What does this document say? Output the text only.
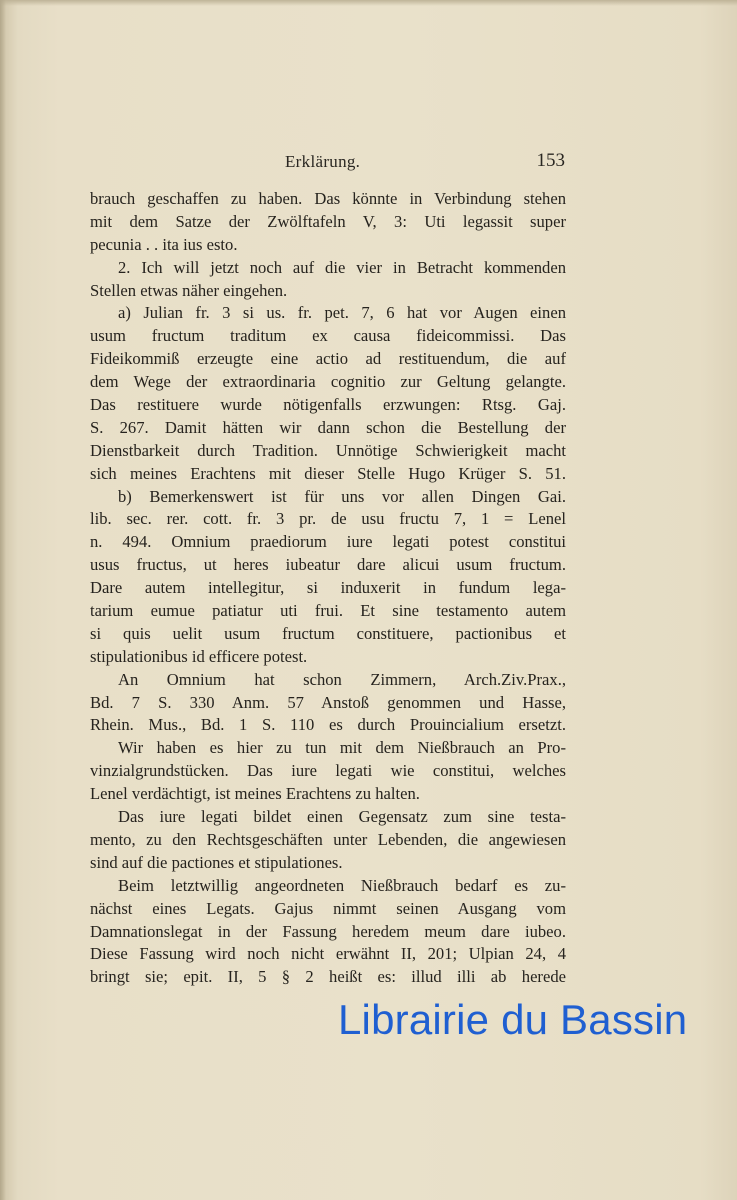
Erklärung.	153
brauch geschaffen zu haben. Das könnte in Verbindung stehen
mit dem Satze der Zwölftafeln V, 3: Uti legassit super
pecunia . . ita ius esto.
2. Ich will jetzt noch auf die vier in Betracht kommenden
Stellen etwas näher eingehen.
a) Julian fr. 3 si us. fr. pet. 7, 6 hat vor Augen einen
usum fructum traditum ex causa fideicommissi. Das
Fideikommiß erzeugte eine actio ad restituendum, die auf
dem Wege der extraordinaria cognitio zur Geltung gelangte.
Das restituere wurde nötigenfalls erzwungen: Rtsg. Gaj.
S. 267. Damit hätten wir dann schon die Bestellung der
Dienstbarkeit durch Tradition. Unnötige Schwierigkeit macht
sich meines Erachtens mit dieser Stelle Hugo Krüger S. 51.
b) Bemerkenswert ist für uns vor allen Dingen Gai.
lib. sec. rer. cott. fr. 3 pr. de usu fructu 7, 1 = Lenel
n. 494. Omnium praediorum iure legati potest constitui
usus fructus, ut heres iubeatur dare alicui usum fructum.
Dare autem intellegitur, si induxerit in fundum lega-
tarium eumue patiatur uti frui. Et sine testamento autem
si quis uelit usum fructum constituere, pactionibus et
stipulationibus id efficere potest.
An Omnium hat schon Zimmern, Arch.Ziv.Prax.,
Bd. 7 S. 330 Anm. 57 Anstoß genommen und Hasse,
Rhein. Mus., Bd. 1 S. 110 es durch Prouincialium ersetzt.
Wir haben es hier zu tun mit dem Nießbrauch an Pro-
vinzialgrundstücken. Das iure legati wie constitui, welches
Lenel verdächtigt, ist meines Erachtens zu halten.
Das iure legati bildet einen Gegensatz zum sine testa-
mento, zu den Rechtsgeschäften unter Lebenden, die angewiesen
sind auf die pactiones et stipulationes.
Beim letztwillig angeordneten Nießbrauch bedarf es zu-
nächst eines Legats. Gajus nimmt seinen Ausgang vom
Damnationslegat in der Fassung heredem meum dare iubeo.
Diese Fassung wird noch nicht erwähnt II, 201; Ulpian 24, 4
bringt sie; epit. II, 5 § 2 heißt es: illud illi ab herede
Librairie du Bassin
